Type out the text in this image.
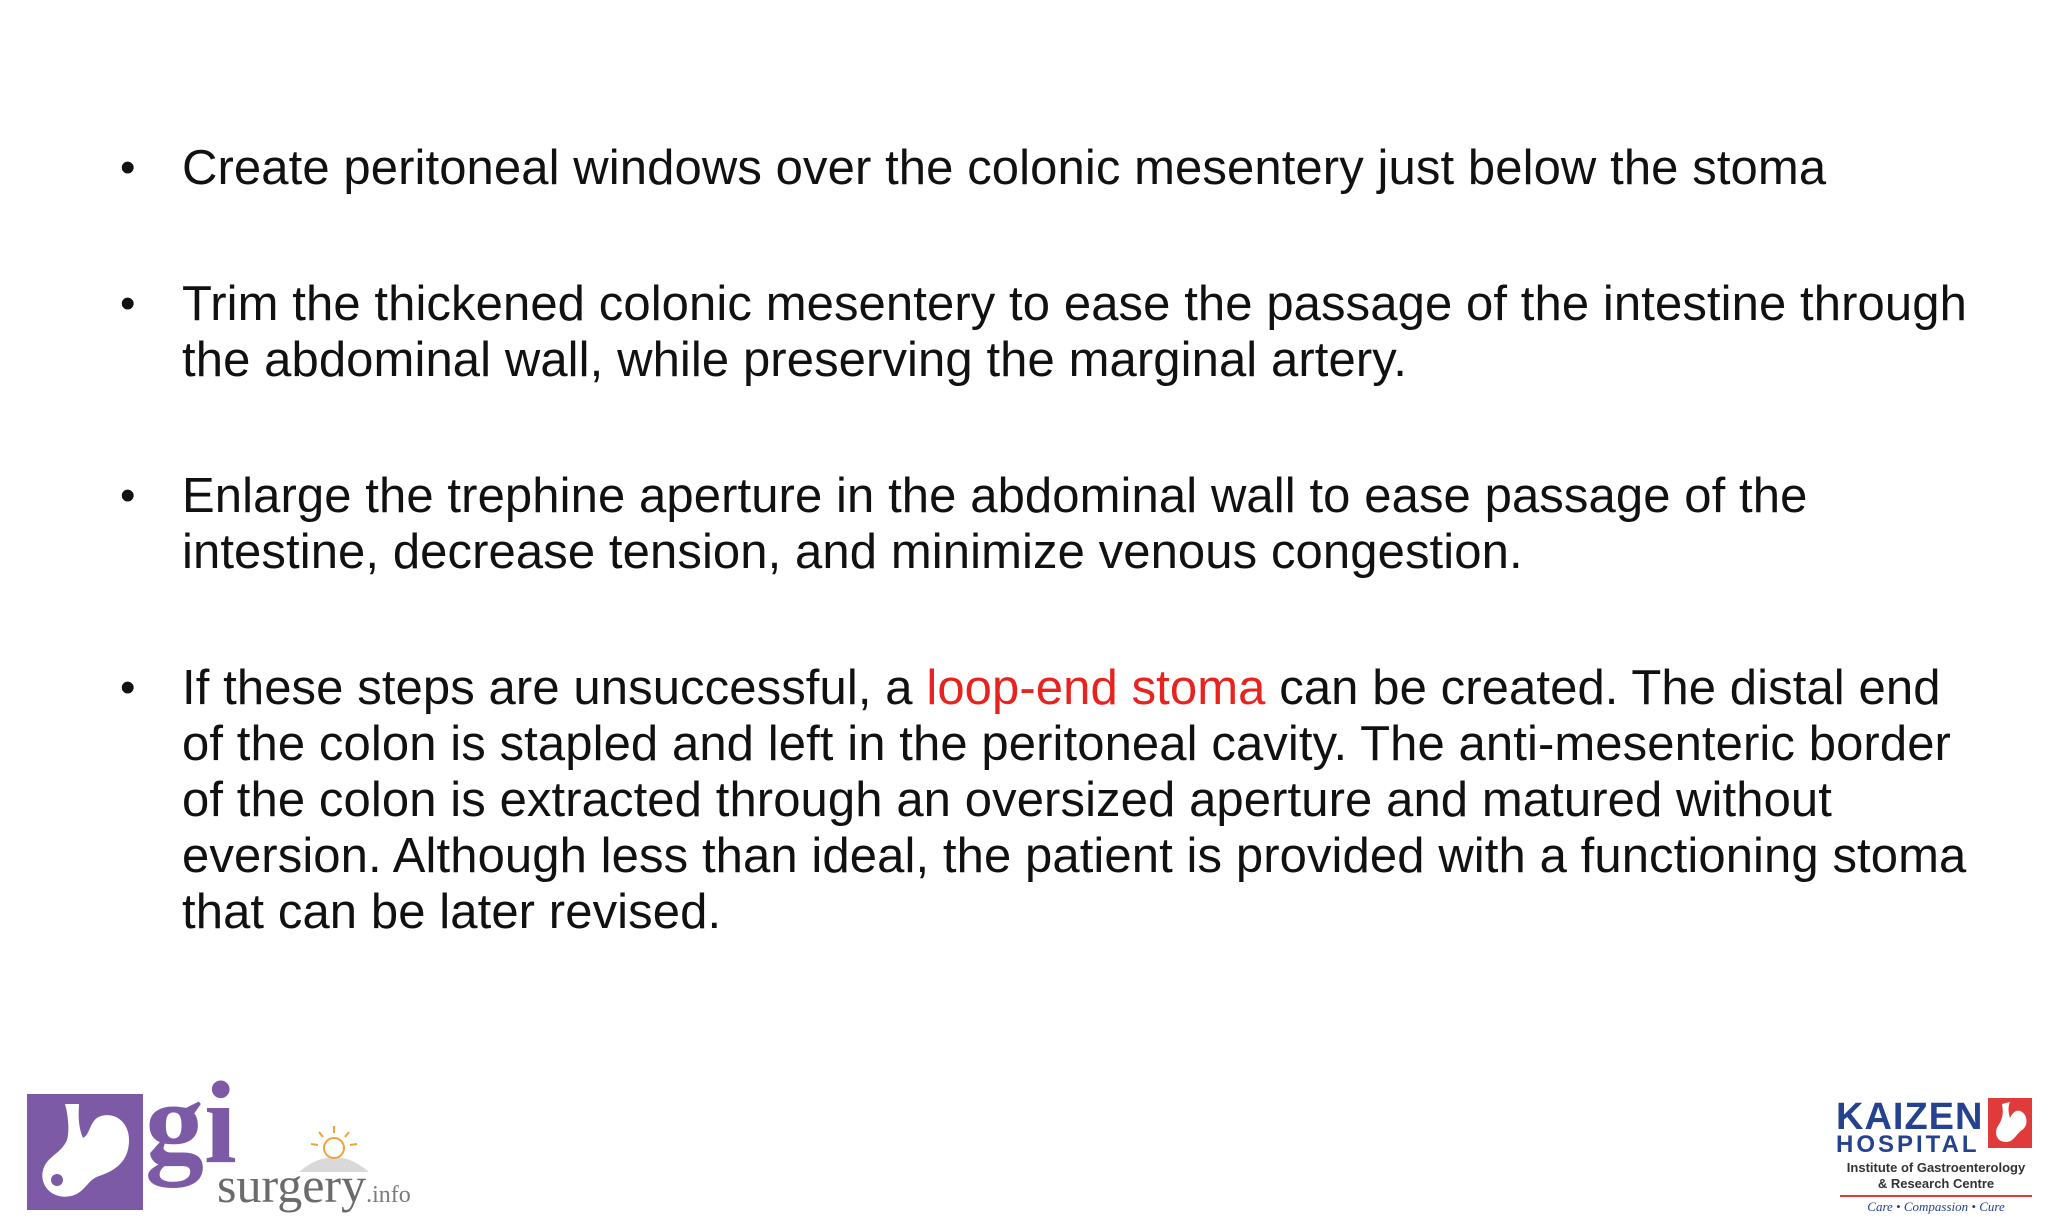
• Create peritoneal windows over the colonic mesentery just below the stoma
• Trim the thickened colonic mesentery to ease the passage of the intestine through the abdominal wall, while preserving the marginal artery.
• Enlarge the trephine aperture in the abdominal wall to ease passage of the intestine, decrease tension, and minimize venous congestion.
• If these steps are unsuccessful, a loop-end stoma can be created. The distal end of the colon is stapled and left in the peritoneal cavity. The anti-mesenteric border of the colon is extracted through an oversized aperture and matured without eversion. Although less than ideal, the patient is provided with a functioning stoma that can be later revised.
gi
surgery.info
KAIZEN
HOSPITAL
Institute of Gastroenterology
& Research Centre
Care • Compassion • Cure
